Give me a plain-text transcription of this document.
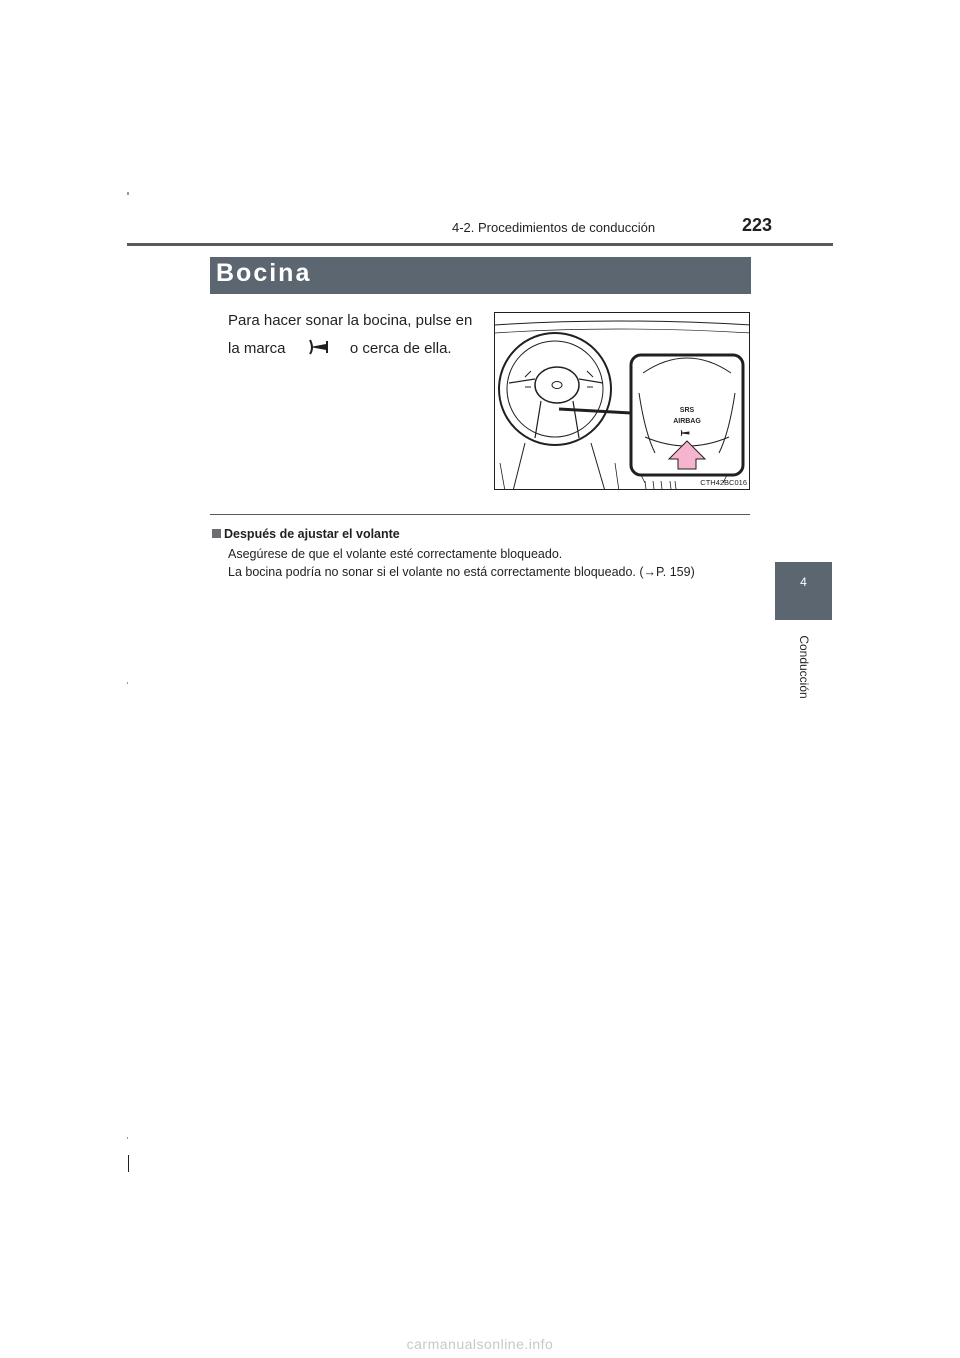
4-2. Procedimientos de conducción	223
Bocina
Para hacer sonar la bocina, pulse en
la marca	o cerca de ella.
SRS
AIRBAG
CTH42BC016
Después de ajustar el volante
Asegúrese de que el volante esté correctamente bloqueado.
La bocina podría no sonar si el volante no está correctamente bloqueado. (→P. 159)
4
Conducción
carmanualsonline.info
